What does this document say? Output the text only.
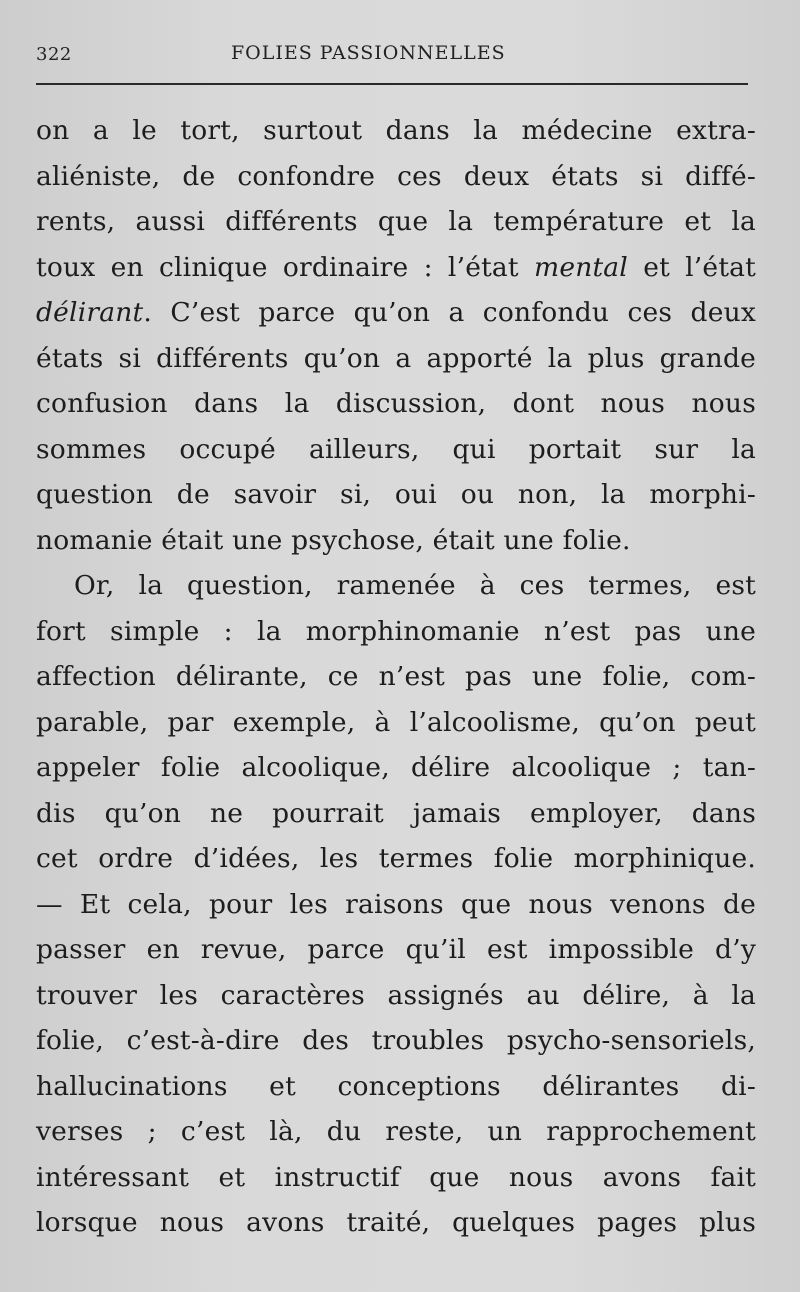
322	FOLIES PASSIONNELLES
on a le tort, surtout dans la médecine extra-
aliéniste, de confondre ces deux états si diffé-
rents, aussi différents que la température et la
toux en clinique ordinaire : l’état mental et l’état
délirant. C’est parce qu’on a confondu ces deux
états si différents qu’on a apporté la plus grande
confusion dans la discussion, dont nous nous
sommes occupé ailleurs, qui portait sur la
question de savoir si, oui ou non, la morphi-
nomanie était une psychose, était une folie.
Or, la question, ramenée à ces termes, est
fort simple : la morphinomanie n’est pas une
affection délirante, ce n’est pas une folie, com-
parable, par exemple, à l’alcoolisme, qu’on peut
appeler folie alcoolique, délire alcoolique ; tan-
dis qu’on ne pourrait jamais employer, dans
cet ordre d’idées, les termes folie morphinique.
— Et cela, pour les raisons que nous venons de
passer en revue, parce qu’il est impossible d’y
trouver les caractères assignés au délire, à la
folie, c’est-à-dire des troubles psycho-sensoriels,
hallucinations et conceptions délirantes di-
verses ; c’est là, du reste, un rapprochement
intéressant et instructif que nous avons fait
lorsque nous avons traité, quelques pages plus
